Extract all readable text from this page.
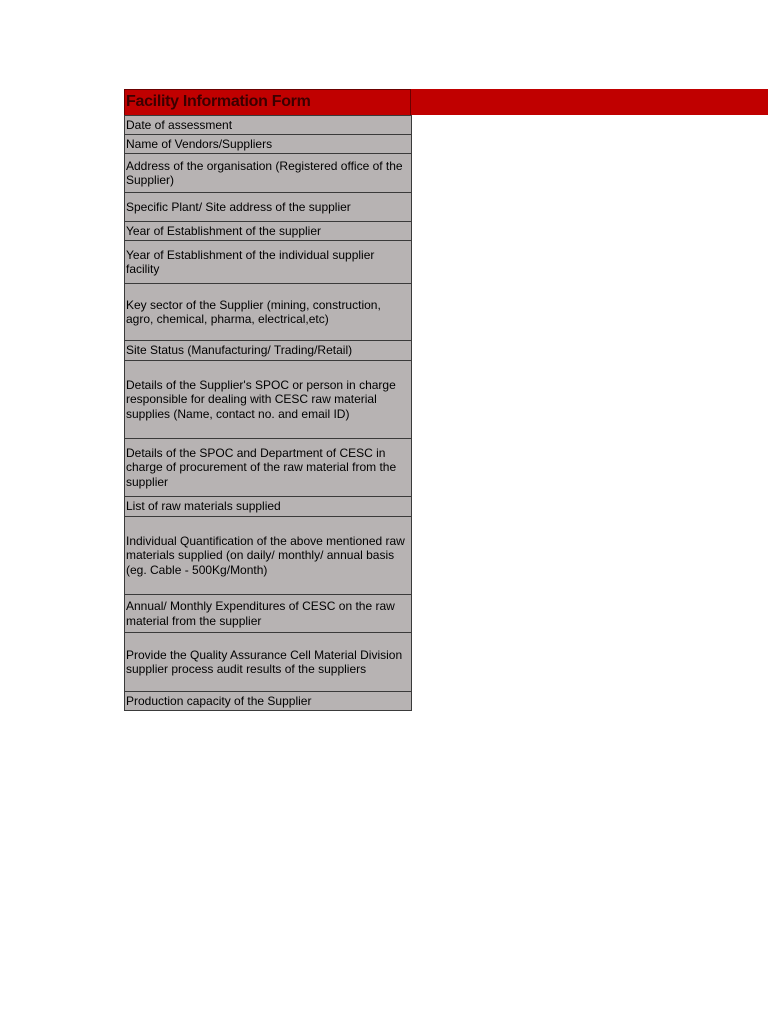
Facility Information Form
Date of assessment
Name of Vendors/Suppliers
Address of the organisation (Registered office of the Supplier)
Specific Plant/ Site address of the supplier
Year of Establishment of the supplier
Year of Establishment of the individual supplier facility
Key sector of the Supplier (mining, construction, agro, chemical, pharma, electrical,etc)
Site Status (Manufacturing/ Trading/Retail)
Details of the Supplier's SPOC or person in charge responsible for dealing with CESC raw material supplies (Name, contact no. and email ID)
Details of the SPOC and Department of CESC in charge of procurement of the raw material from the supplier
List of raw materials supplied
Individual Quantification of the above mentioned raw materials supplied (on daily/ monthly/ annual basis (eg. Cable - 500Kg/Month)
Annual/ Monthly Expenditures of CESC on the raw material from the supplier
Provide the Quality Assurance Cell Material Division supplier process audit results of the suppliers
Production capacity of the Supplier
